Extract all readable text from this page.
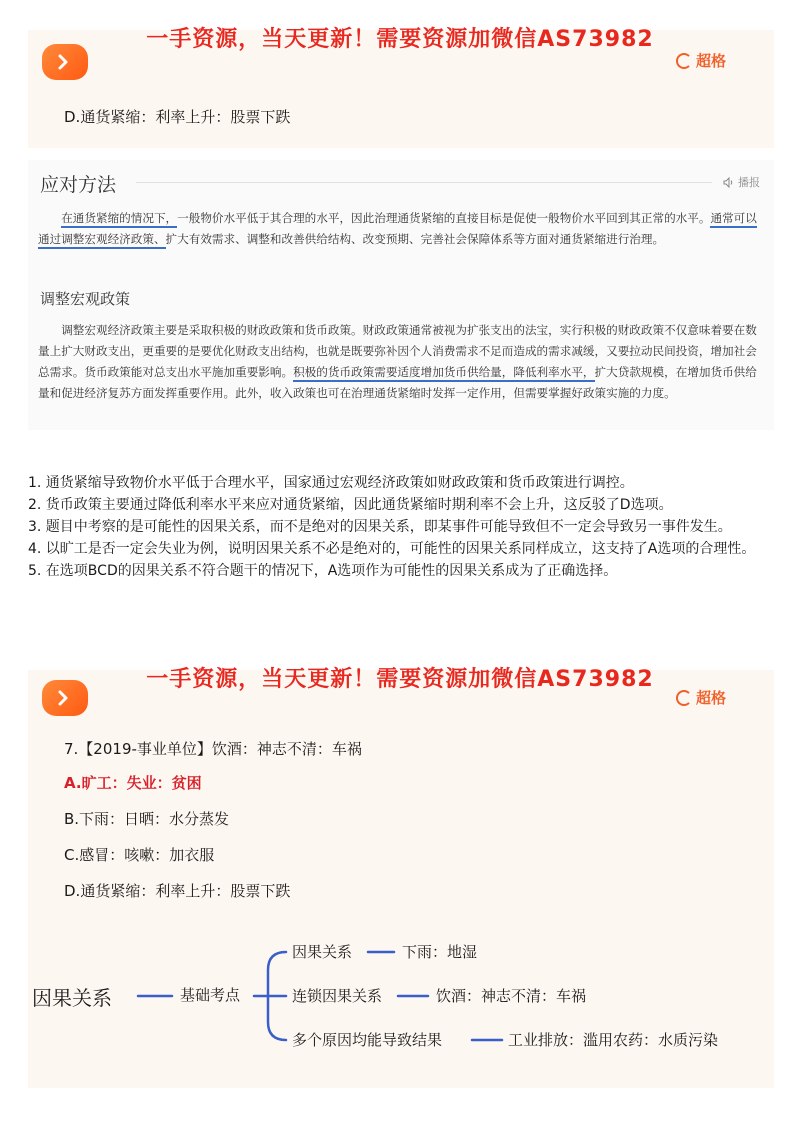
超格
D.通货紧缩：利率上升：股票下跌
一手资源，当天更新！需要资源加微信AS73982
应对方法	播报
在通货紧缩的情况下，一般物价水平低于其合理的水平，因此治理通货紧缩的直接目标是促使一般物价水平回到其正常的水平。通常可以通过调整宏观经济政策、扩大有效需求、调整和改善供给结构、改变预期、完善社会保障体系等方面对通货紧缩进行治理。
调整宏观政策
调整宏观经济政策主要是采取积极的财政政策和货币政策。财政政策通常被视为扩张支出的法宝，实行积极的财政政策不仅意味着要在数量上扩大财政支出，更重要的是要优化财政支出结构，也就是既要弥补因个人消费需求不足而造成的需求减缓，又要拉动民间投资，增加社会总需求。货币政策能对总支出水平施加重要影响。积极的货币政策需要适度增加货币供给量，降低利率水平，扩大贷款规模，在增加货币供给量和促进经济复苏方面发挥重要作用。此外，收入政策也可在治理通货紧缩时发挥一定作用，但需要掌握好政策实施的力度。

1. 通货紧缩导致物价水平低于合理水平，国家通过宏观经济政策如财政政策和货币政策进行调控。

2. 货币政策主要通过降低利率水平来应对通货紧缩，因此通货紧缩时期利率不会上升，这反驳了D选项。

3. 题目中考察的是可能性的因果关系，而不是绝对的因果关系，即某事件可能导致但不一定会导致另一事件发生。

4. 以旷工是否一定会失业为例，说明因果关系不必是绝对的，可能性的因果关系同样成立，这支持了A选项的合理性。

5. 在选项BCD的因果关系不符合题干的情况下，A选项作为可能性的因果关系成为了正确选择。

超格
7.【2019-事业单位】饮酒：神志不清：车祸
A.旷工：失业：贫困
B.下雨：日晒：水分蒸发
C.感冒：咳嗽：加衣服
D.通货紧缩：利率上升：股票下跌
因果关系	基础考点
因果关系	下雨：地湿
连锁因果关系	饮酒：神志不清：车祸
多个原因均能导致结果	工业排放：滥用农药：水质污染
一手资源，当天更新！需要资源加微信AS73982
